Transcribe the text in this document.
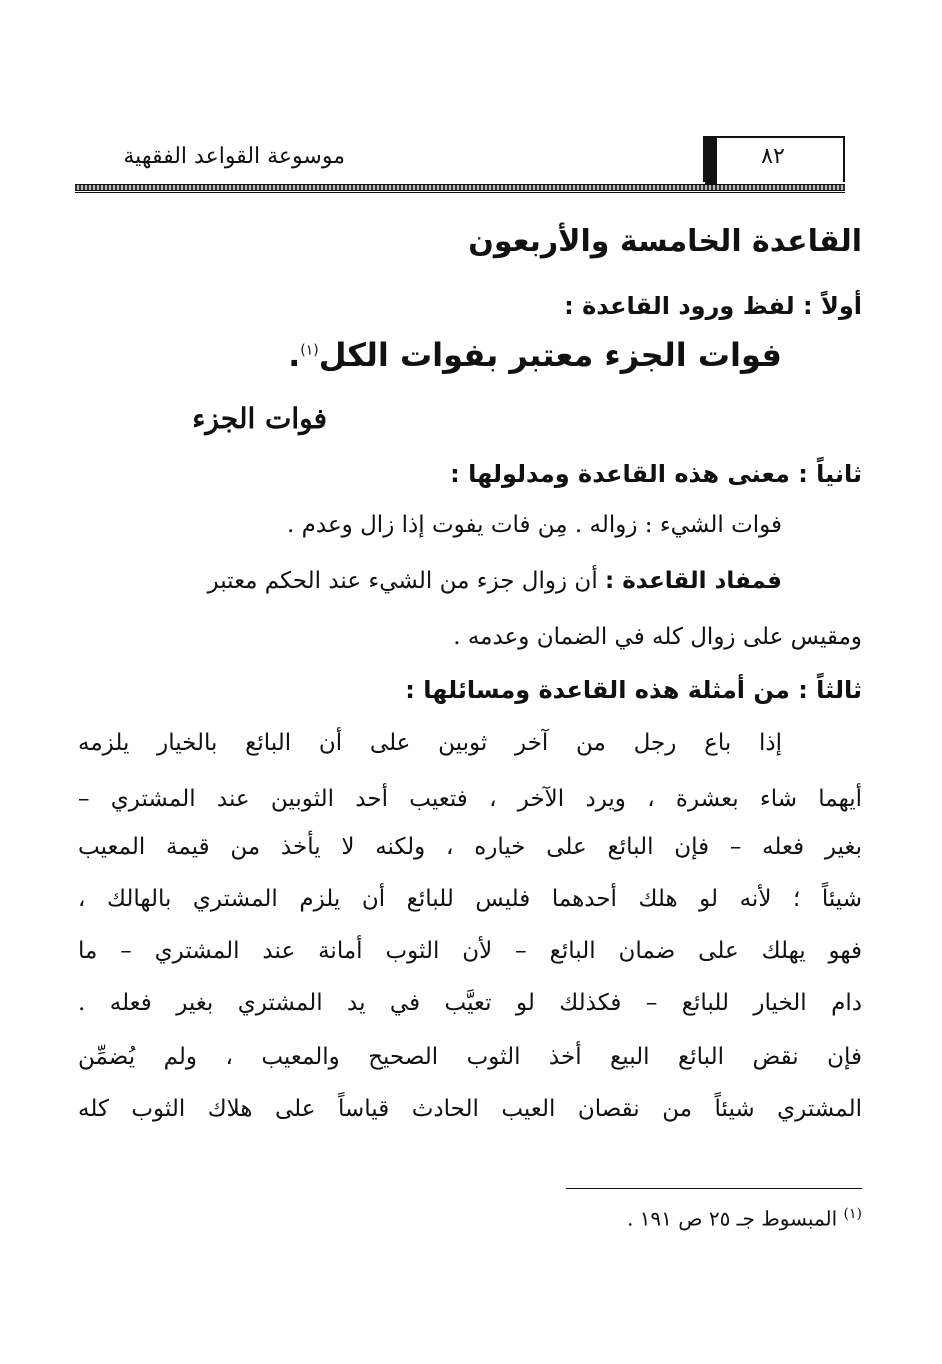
٨٢
موسوعة القواعد الفقهية
القاعدة الخامسة والأربعون
أولاً : لفظ ورود القاعدة :
فوات الجزء معتبر بفوات الكل$^{(١)}$.
فوات الجزء
ثانياً : معنى هذه القاعدة ومدلولها :
فوات الشيء : زواله . مِن فات يفوت إذا زال وعدم .
فمفاد القاعدة : أن زوال جزء من الشيء عند الحكم معتبر
ومقيس على زوال كله في الضمان وعدمه .
ثالثاً : من أمثلة هذه القاعدة ومسائلها :
إذا باع رجل من آخر ثوبين على أن البائع بالخيار يلزمه
أيهما شاء بعشرة ، ويرد الآخر ، فتعيب أحد الثوبين عند المشتري –
بغير فعله – فإن البائع على خياره ، ولكنه لا يأخذ من قيمة المعيب
شيئاً ؛ لأنه لو هلك أحدهما فليس للبائع أن يلزم المشتري بالهالك ،
فهو يهلك على ضمان البائع – لأن الثوب أمانة عند المشتري – ما
دام الخيار للبائع – فكذلك لو تعيَّب في يد المشتري بغير فعله .
فإن نقض البائع البيع أخذ الثوب الصحيح والمعيب ، ولم يُضمِّن
المشتري شيئاً من نقصان العيب الحادث قياساً على هلاك الثوب كله
$^{(١)}$ المبسوط جـ ٢٥ ص ١٩١ .
